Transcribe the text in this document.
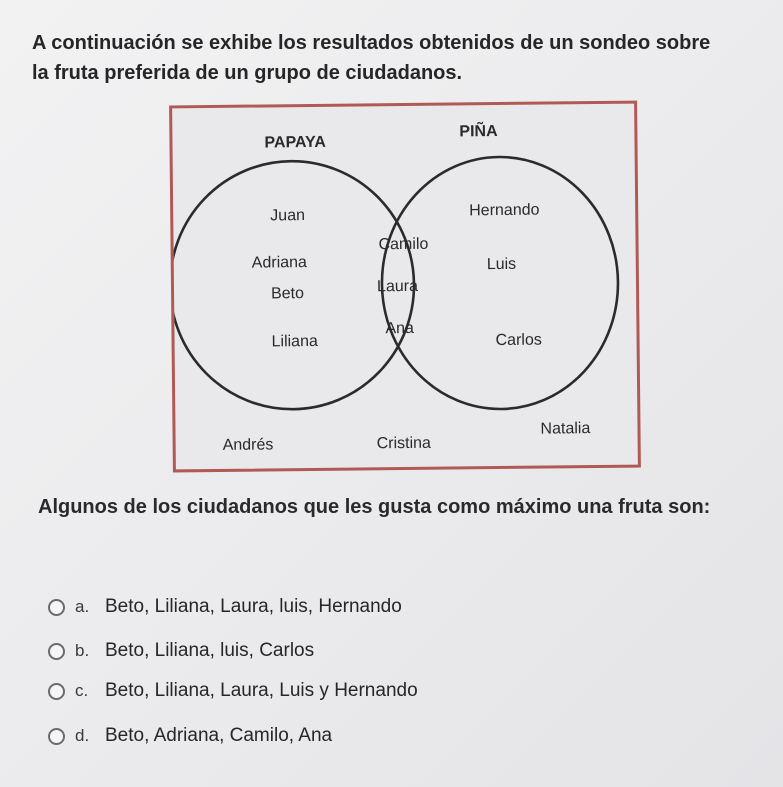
A continuación se exhibe los resultados obtenidos de un sondeo sobre la fruta preferida de un grupo de ciudadanos.
PAPAYA
PIÑA
Juan
Adriana
Beto
Liliana
Camilo
Laura
Ana
Hernando
Luis
Carlos
Andrés	Cristina
Natalia
Algunos de los ciudadanos que les gusta como máximo una fruta son:
a. Beto, Liliana, Laura, luis, Hernando
b. Beto, Liliana, luis, Carlos
c. Beto, Liliana, Laura, Luis y Hernando
d. Beto, Adriana, Camilo, Ana
